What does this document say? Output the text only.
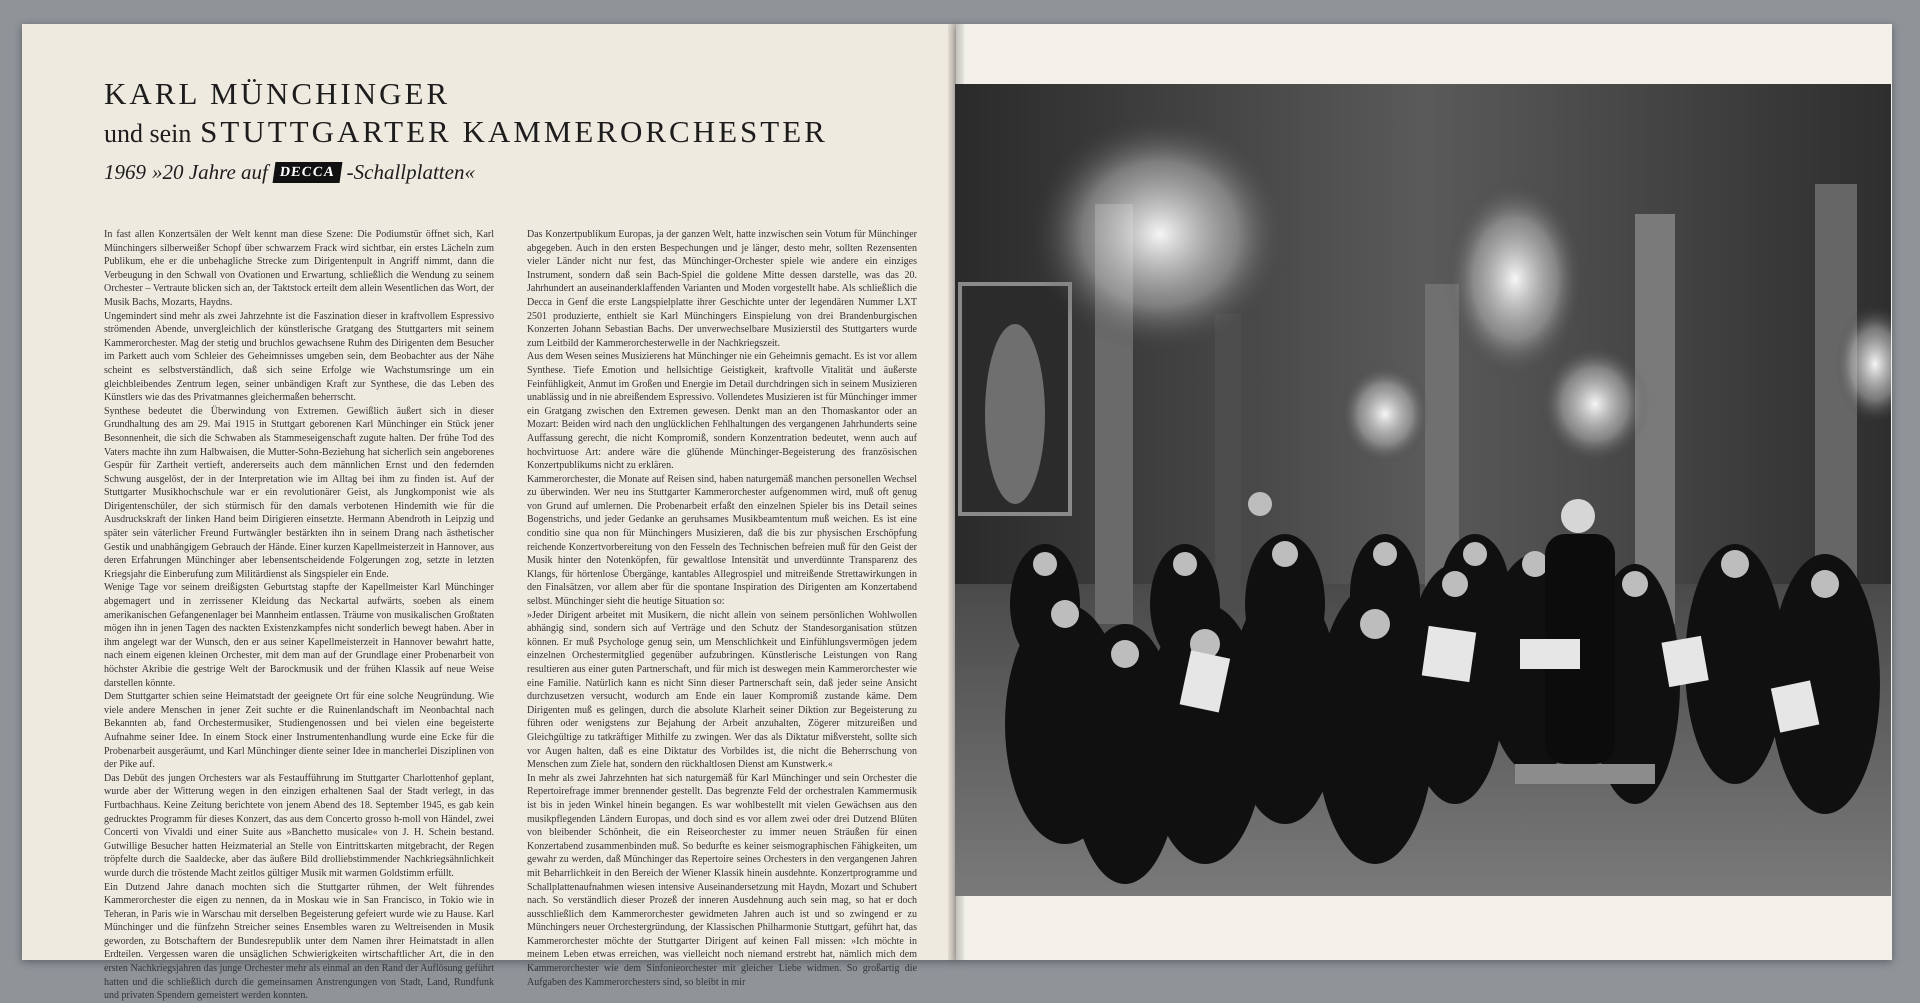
KARL MÜNCHINGER
und sein STUTTGARTER KAMMERORCHESTER
1969 »20 Jahre auf DECCA -Schallplatten«

In fast allen Konzertsälen der Welt kennt man diese Szene: Die Podiumstür öffnet sich, Karl Münchingers silberweißer Schopf über schwarzem Frack wird sichtbar, ein erstes Lächeln zum Publikum, ehe er die unbehagliche Strecke zum Dirigentenpult in Angriff nimmt, dann die Verbeugung in den Schwall von Ovationen und Erwartung, schließlich die Wendung zu seinem Orchester – Vertraute blicken sich an, der Taktstock erteilt dem allein Wesentlichen das Wort, der Musik Bachs, Mozarts, Haydns.

Ungemindert sind mehr als zwei Jahrzehnte ist die Faszination dieser in kraftvollem Espressivo strömenden Abende, unvergleichlich der künstlerische Gratgang des Stuttgarters mit seinem Kammerorchester. Mag der stetig und bruchlos gewachsene Ruhm des Dirigenten dem Besucher im Parkett auch vom Schleier des Geheimnisses umgeben sein, dem Beobachter aus der Nähe scheint es selbstverständlich, daß sich seine Erfolge wie Wachstumsringe um ein gleichbleibendes Zentrum legen, seiner unbändigen Kraft zur Synthese, die das Leben des Künstlers wie das des Privatmannes gleichermaßen beherrscht.

Synthese bedeutet die Überwindung von Extremen. Gewißlich äußert sich in dieser Grundhaltung des am 29. Mai 1915 in Stuttgart geborenen Karl Münchinger ein Stück jener Besonnenheit, die sich die Schwaben als Stammeseigenschaft zugute halten. Der frühe Tod des Vaters machte ihn zum Halbwaisen, die Mutter-Sohn-Beziehung hat sicherlich sein angeborenes Gespür für Zartheit vertieft, andererseits auch dem männlichen Ernst und den federnden Schwung ausgelöst, der in der Interpretation wie im Alltag bei ihm zu finden ist. Auf der Stuttgarter Musikhochschule war er ein revolutionärer Geist, als Jungkomponist wie als Dirigentenschüler, der sich stürmisch für den damals verbotenen Hindemith wie für die Ausdruckskraft der linken Hand beim Dirigieren einsetzte. Hermann Abendroth in Leipzig und später sein väterlicher Freund Furtwängler bestärkten ihn in seinem Drang nach ästhetischer Gestik und unabhängigem Gebrauch der Hände. Einer kurzen Kapellmeisterzeit in Hannover, aus deren Erfahrungen Münchinger aber lebensentscheidende Folgerungen zog, setzte in letzten Kriegsjahr die Einberufung zum Militärdienst als Singspieler ein Ende.

Wenige Tage vor seinem dreißigsten Geburtstag stapfte der Kapellmeister Karl Münchinger abgemagert und in zerrissener Kleidung das Neckartal aufwärts, soeben als einem amerikanischen Gefangenenlager bei Mannheim entlassen. Träume von musikalischen Großtaten mögen ihn in jenen Tagen des nackten Existenzkampfes nicht sonderlich bewegt haben. Aber in ihm angelegt war der Wunsch, den er aus seiner Kapellmeisterzeit in Hannover bewahrt hatte, nach einem eigenen kleinen Orchester, mit dem man auf der Grundlage einer Probenarbeit von höchster Akribie die gestrige Welt der Barockmusik und der frühen Klassik auf neue Weise darstellen könnte.

Dem Stuttgarter schien seine Heimatstadt der geeignete Ort für eine solche Neugründung. Wie viele andere Menschen in jener Zeit suchte er die Ruinenlandschaft im Neonbachtal nach Bekannten ab, fand Orchestermusiker, Studiengenossen und bei vielen eine begeisterte Aufnahme seiner Idee. In einem Stock einer Instrumentenhandlung wurde eine Ecke für die Probenarbeit ausgeräumt, und Karl Münchinger diente seiner Idee in mancherlei Disziplinen von der Pike auf.

Das Debüt des jungen Orchesters war als Festaufführung im Stuttgarter Charlottenhof geplant, wurde aber der Witterung wegen in den einzigen erhaltenen Saal der Stadt verlegt, in das Furtbachhaus. Keine Zeitung berichtete von jenem Abend des 18. September 1945, es gab kein gedrucktes Programm für dieses Konzert, das aus dem Concerto grosso h-moll von Händel, zwei Concerti von Vivaldi und einer Suite aus »Banchetto musicale« von J. H. Schein bestand. Gutwillige Besucher hatten Heizmaterial an Stelle von Eintrittskarten mitgebracht, der Regen tröpfelte durch die Saaldecke, aber das äußere Bild drolliebstimmender Nachkriegsähnlichkeit wurde durch die tröstende Macht zeitlos gültiger Musik mit warmen Goldstimm erfüllt.

Ein Dutzend Jahre danach mochten sich die Stuttgarter rühmen, der Welt führendes Kammerorchester die eigen zu nennen, da in Moskau wie in San Francisco, in Tokio wie in Teheran, in Paris wie in Warschau mit derselben Begeisterung gefeiert wurde wie zu Hause. Karl Münchinger und die fünfzehn Streicher seines Ensembles waren zu Weltreisenden in Musik geworden, zu Botschaftern der Bundesrepublik unter dem Namen ihrer Heimatstadt in allen Erdteilen. Vergessen waren die unsäglichen Schwierigkeiten wirtschaftlicher Art, die in den ersten Nachkriegsjahren das junge Orchester mehr als einmal an den Rand der Auflösung geführt hatten und die schließlich durch die gemeinsamen Anstrengungen von Stadt, Land, Rundfunk und privaten Spendern gemeistert werden konnten.

Das Konzertpublikum Europas, ja der ganzen Welt, hatte inzwischen sein Votum für Münchinger abgegeben. Auch in den ersten Bespechungen und je länger, desto mehr, sollten Rezensenten vieler Länder nicht nur fest, das Münchinger-Orchester spiele wie andere ein einziges Instrument, sondern daß sein Bach-Spiel die goldene Mitte dessen darstelle, was das 20. Jahrhundert an auseinanderklaffenden Varianten und Moden vorgestellt habe. Als schließlich die Decca in Genf die erste Langspielplatte ihrer Geschichte unter der legendären Nummer LXT 2501 produzierte, enthielt sie Karl Münchingers Einspielung von drei Brandenburgischen Konzerten Johann Sebastian Bachs. Der unverwechselbare Musizierstil des Stuttgarters wurde zum Leitbild der Kammerorchesterwelle in der Nachkriegszeit.

Aus dem Wesen seines Musizierens hat Münchinger nie ein Geheimnis gemacht. Es ist vor allem Synthese. Tiefe Emotion und hellsichtige Geistigkeit, kraftvolle Vitalität und äußerste Feinfühligkeit, Anmut im Großen und Energie im Detail durchdringen sich in seinem Musizieren unablässig und in nie abreißendem Espressivo. Vollendetes Musizieren ist für Münchinger immer ein Gratgang zwischen den Extremen gewesen. Denkt man an den Thomaskantor oder an Mozart: Beiden wird nach den unglücklichen Fehlhaltungen des vergangenen Jahrhunderts seine Auffassung gerecht, die nicht Kompromiß, sondern Konzentration bedeutet, wenn auch auf hochvirtuose Art: andere wäre die glühende Münchinger-Begeisterung des französischen Konzertpublikums nicht zu erklären.

Kammerorchester, die Monate auf Reisen sind, haben naturgemäß manchen personellen Wechsel zu überwinden. Wer neu ins Stuttgarter Kammerorchester aufgenommen wird, muß oft genug von Grund auf umlernen. Die Probenarbeit erfaßt den einzelnen Spieler bis ins Detail seines Bogenstrichs, und jeder Gedanke an geruhsames Musikbeamtentum muß weichen. Es ist eine conditio sine qua non für Münchingers Musizieren, daß die bis zur physischen Erschöpfung reichende Konzertvorbereitung von den Fesseln des Technischen befreien muß für den Geist der Musik hinter den Notenköpfen, für gewaltlose Intensität und unverdünnte Transparenz des Klangs, für hörtenlose Übergänge, kantables Allegrospiel und mitreißende Strettawirkungen in den Finalsätzen, vor allem aber für die spontane Inspiration des Dirigenten am Konzertabend selbst. Münchinger sieht die heutige Situation so:

»Jeder Dirigent arbeitet mit Musikern, die nicht allein von seinem persönlichen Wohlwollen abhängig sind, sondern sich auf Verträge und den Schutz der Standesorganisation stützen können. Er muß Psychologe genug sein, um Menschlichkeit und Einfühlungsvermögen jedem einzelnen Orchestermitglied gegenüber aufzubringen. Künstlerische Leistungen von Rang resultieren aus einer guten Partnerschaft, und für mich ist deswegen mein Kammerorchester wie eine Familie. Natürlich kann es nicht Sinn dieser Partnerschaft sein, daß jeder seine Ansicht durchzusetzen versucht, wodurch am Ende ein lauer Kompromiß zustande käme. Dem Dirigenten muß es gelingen, durch die absolute Klarheit seiner Diktion zur Begeisterung zu führen oder wenigstens zur Bejahung der Arbeit anzuhalten, Zögerer mitzureißen und Gleichgültige zu tatkräftiger Mithilfe zu zwingen. Wer das als Diktatur mißversteht, sollte sich vor Augen halten, daß es eine Diktatur des Vorbildes ist, die nicht die Beherrschung von Menschen zum Ziele hat, sondern den rückhaltlosen Dienst am Kunstwerk.«

In mehr als zwei Jahrzehnten hat sich naturgemäß für Karl Münchinger und sein Orchester die Repertoirefrage immer brennender gestellt. Das begrenzte Feld der orchestralen Kammermusik ist bis in jeden Winkel hinein begangen. Es war wohlbestellt mit vielen Gewächsen aus den musikpflegenden Ländern Europas, und doch sind es vor allem zwei oder drei Dutzend Blüten von bleibender Schönheit, die ein Reiseorchester zu immer neuen Sträußen für einen Konzertabend zusammenbinden muß. So bedurfte es keiner seismographischen Fähigkeiten, um gewahr zu werden, daß Münchinger das Repertoire seines Orchesters in den vergangenen Jahren mit Beharrlichkeit in den Bereich der Wiener Klassik hinein ausdehnte. Konzertprogramme und Schallplattenaufnahmen wiesen intensive Auseinandersetzung mit Haydn, Mozart und Schubert nach. So verständlich dieser Prozeß der inneren Ausdehnung auch sein mag, so hat er doch ausschließlich dem Kammerorchester gewidmeten Jahren auch ist und so zwingend er zu Münchingers neuer Orchestergründung, der Klassischen Philharmonie Stuttgart, geführt hat, das Kammerorchester möchte der Stuttgarter Dirigent auf keinen Fall missen: »Ich möchte in meinem Leben etwas erreichen, was vielleicht noch niemand erstrebt hat, nämlich mich dem Kammerorchester wie dem Sinfonieorchester mit gleicher Liebe widmen. So großartig die Aufgaben des Kammerorchesters sind, so bleibt in mir
